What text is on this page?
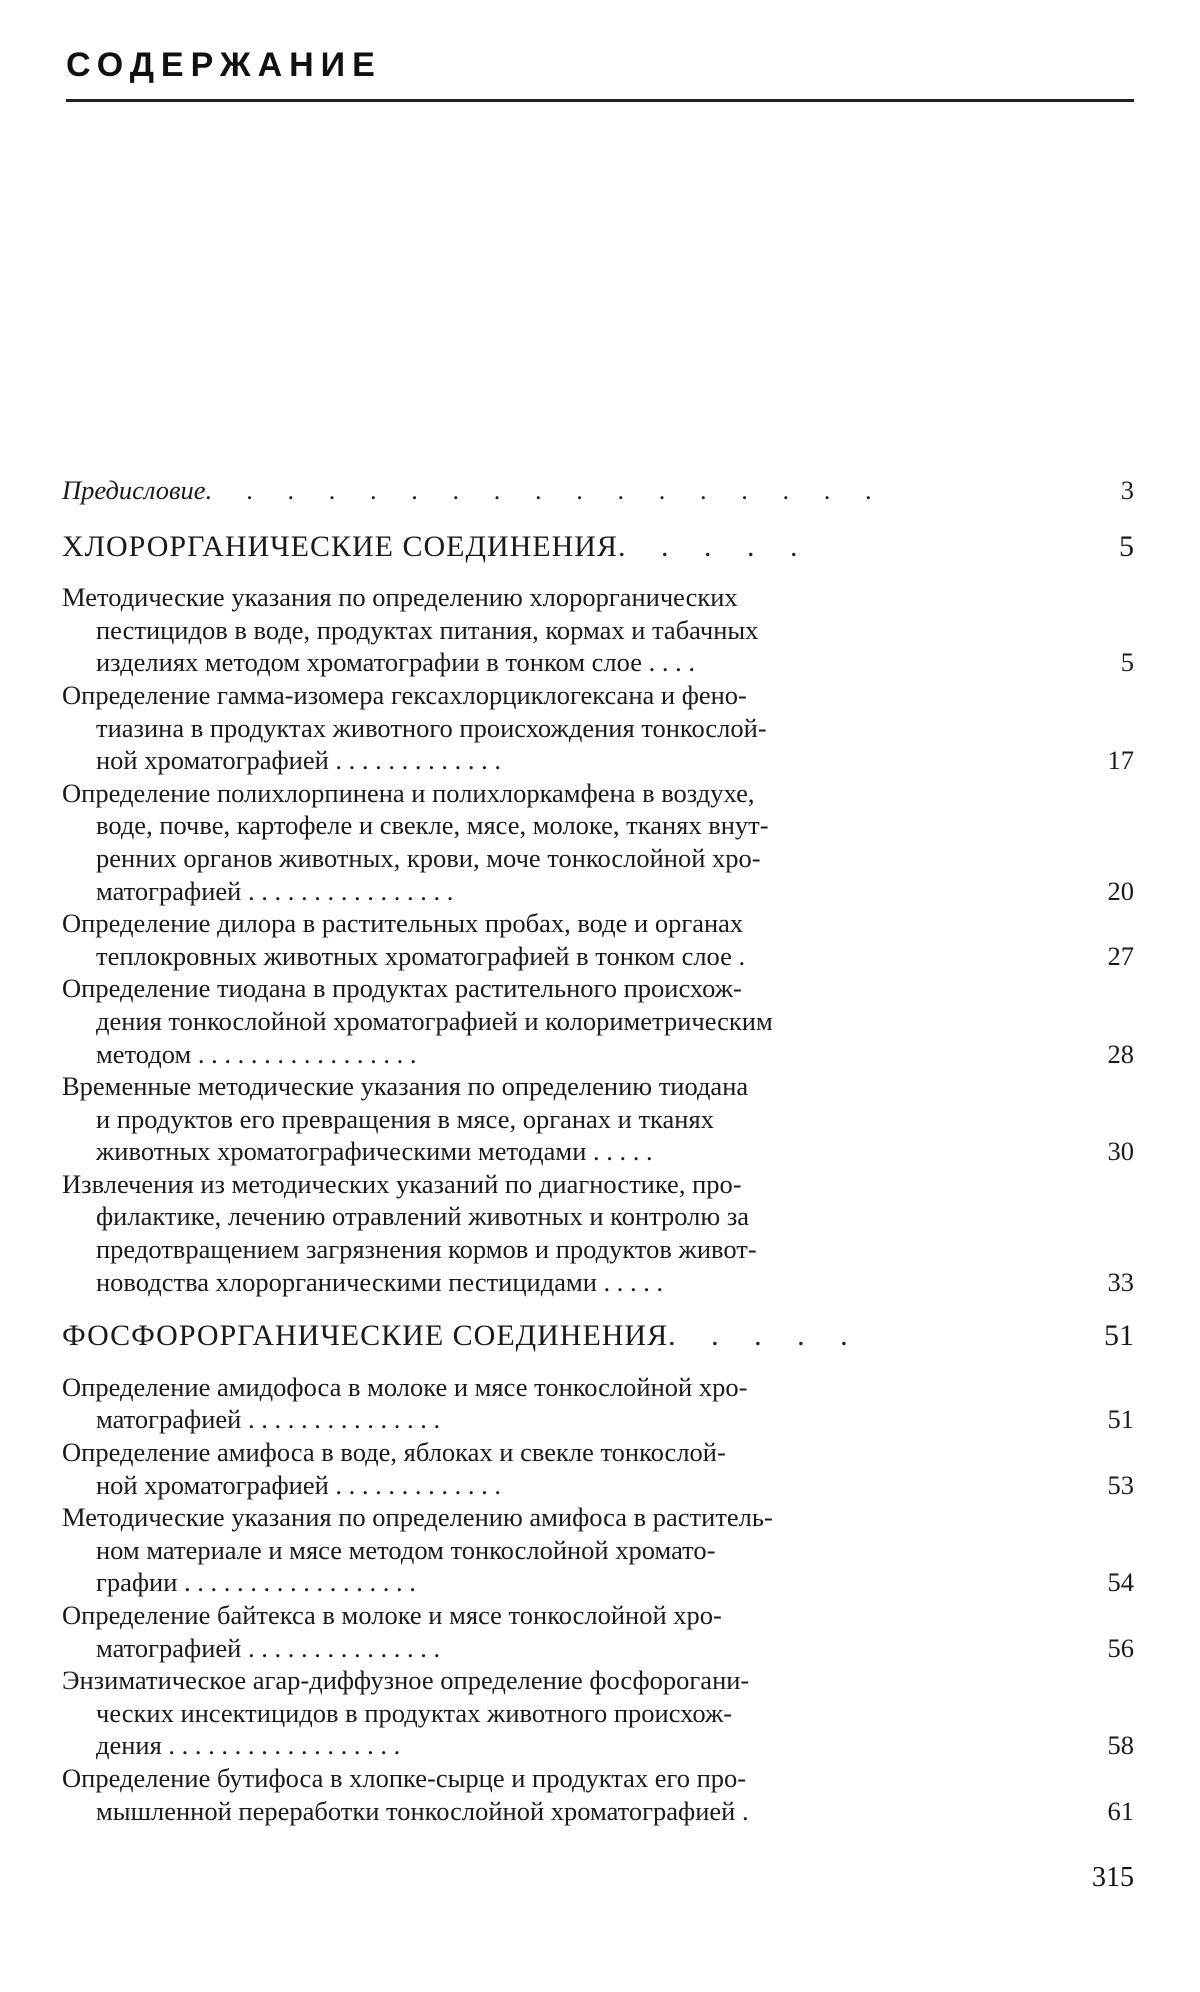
СОДЕРЖАНИЕ
Предисловие. . . . . . . . . . . . . . . . .	3
ХЛОРОРГАНИЧЕСКИЕ СОЕДИНЕНИЯ. . . . .	5
Методические указания по определению хлорорганических
пестицидов в воде, продуктах питания, кормах и табачных
изделиях методом хроматографии в тонком слое . . . .	5
Определение гамма-изомера гексахлорциклогексана и фено-
тиазина в продуктах животного происхождения тонкослой-
ной хроматографией . . . . . . . . . . . . .	17
Определение полихлорпинена и полихлоркамфена в воздухе,
воде, почве, картофеле и свекле, мясе, молоке, тканях внут-
ренних органов животных, крови, моче тонкослойной хро-
матографией . . . . . . . . . . . . . . . .	20
Определение дилора в растительных пробах, воде и органах
теплокровных животных хроматографией в тонком слое .	27
Определение тиодана в продуктах растительного происхож-
дения тонкослойной хроматографией и колориметрическим
методом . . . . . . . . . . . . . . . . .	28
Временные методические указания по определению тиодана
и продуктов его превращения в мясе, органах и тканях
животных хроматографическими методами . . . . .	30
Извлечения из методических указаний по диагностике, про-
филактике, лечению отравлений животных и контролю за
предотвращением загрязнения кормов и продуктов живот-
новодства хлорорганическими пестицидами . . . . .	33
ФОСФОРОРГАНИЧЕСКИЕ СОЕДИНЕНИЯ. . . . .	51
Определение амидофоса в молоке и мясе тонкослойной хро-
матографией . . . . . . . . . . . . . . .	51
Определение амифоса в воде, яблоках и свекле тонкослой-
ной хроматографией . . . . . . . . . . . . .	53
Методические указания по определению амифоса в раститель-
ном материале и мясе методом тонкослойной хромато-
графии . . . . . . . . . . . . . . . . . .	54
Определение байтекса в молоке и мясе тонкослойной хро-
матографией . . . . . . . . . . . . . . .	56
Энзиматическое агар-диффузное определение фосфорогани-
ческих инсектицидов в продуктах животного происхож-
дения . . . . . . . . . . . . . . . . . .	58
Определение бутифоса в хлопке-сырце и продуктах его про-
мышленной переработки тонкослойной хроматографией .	61
315
